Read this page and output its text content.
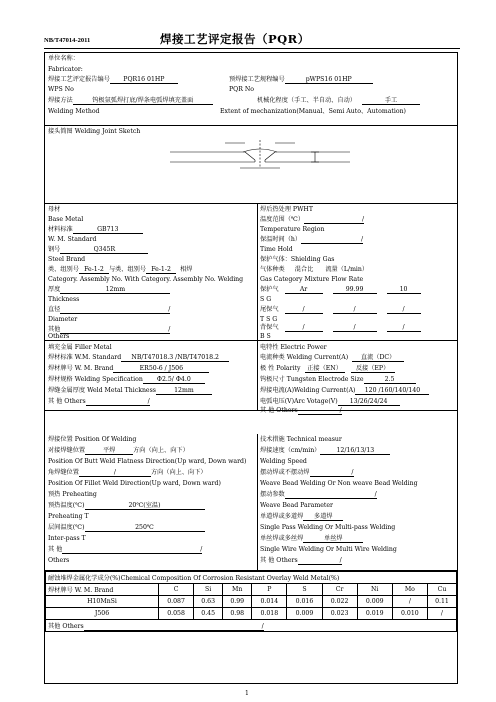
NB/T47014-2011	焊接工艺评定报告（PQR）
单位名称：
Fabricator:
焊接工艺评定报告编号 PQR16 01HP	预焊接工艺规程编号	pWPS16 01HP
WPS No	PQR No
焊接方法	钨极氩弧焊打底/焊条电弧焊填充盖面	机械化程度（手工、半自动、自动）	手工
Welding Method	Extent of mechanization(Manual、Semi Auto、Automation)
接头简图 Welding Joint Sketch
母材
Base Metal
材料标准	GB713
W. M. Standard
钢号	Q345R
Steel Brand
类、组别号 Fe-1-2 与类、组别号 Fe-1-2 相焊
Category. Assembly No. With Category. Assembly No. Welding
厚度	12mm
Thickness
直径	/
Diameter
其他	/
Others
焊后热处理 PWHT
温度范围（℃）	/
Temperature Region
保温时间（h）	/
Time Hold
保护气体：Shielding Gas
气体种类 混合比 流量（L/min）
Gas Category Mixture Flow Rate
保护气	Ar	99.99	10
S G
尾保气	/	/	/
T S G
背保气	/	/	/
B S
填充金属 Filler Metal
焊材标准 W.M. Standard NB/T47018.3 /NB/T47018.2
焊材牌号 W. M. Brand	ER50-6 / J506
焊材规格 Welding Specification Φ2.5/ Φ4.0
焊缝金属厚度 Weld Metal Thickness	12mm
其 他 Others	/
电特性 Electric Power
电流种类 Welding Current(A) 直流（DC）
极 性 Polarity 正接（EN） 反接（EP）
钨极尺寸 Tungsten Electrode Size	2.5
焊接电流(A)Welding Current(A) 120 /160/140/140
电弧电压(V)Arc Votage(V) 13/26/24/24
其 他 Others	/
焊接位置 Position Of Welding
对接焊缝位置	平焊	方向（向上、向下）
Position Of Butt Weld Flatness Direction(Up ward, Down ward)
角焊缝位置	/	方向（向上、向下）
Position Of Fillet Weld Direction(Up ward, Down ward)
预热 Preheating
预热温度(℃)	20℃(室温)
Preheating T
层间温度(℃)	250℃
Inter-pass T
其 他	/
Others
技术措施 Technical measur
焊接速度（cm/min）	12/16/13/13
Welding Speed
摆动焊或不摆动焊	/
Weave Bead Welding Or Non weave Bead Welding
摆动参数	/
Weave Bead Parameter
单道焊或多道焊 多道焊
Single Pass Welding Or Multi-pass Welding
单丝焊或多丝焊	单丝焊
Single Wire Welding Or Multi Wire Welding
其 他 Others	/
耐蚀堆焊金属化学成分(%)Chemical Composition Of Corrosion Resistant Overlay Weld Metal(%)									
焊材牌号 W. M. Brand	C	Si	Mn	P	S	Cr	Ni	Mo	Cu
H10MnSi	0.087	0.63	0.99	0.014	0.016	0.022	0.009	/	0.11
J506	0.058	0.45	0.98	0.018	0.009	0.023	0.019	0.010	/
其他 Others /									
1
